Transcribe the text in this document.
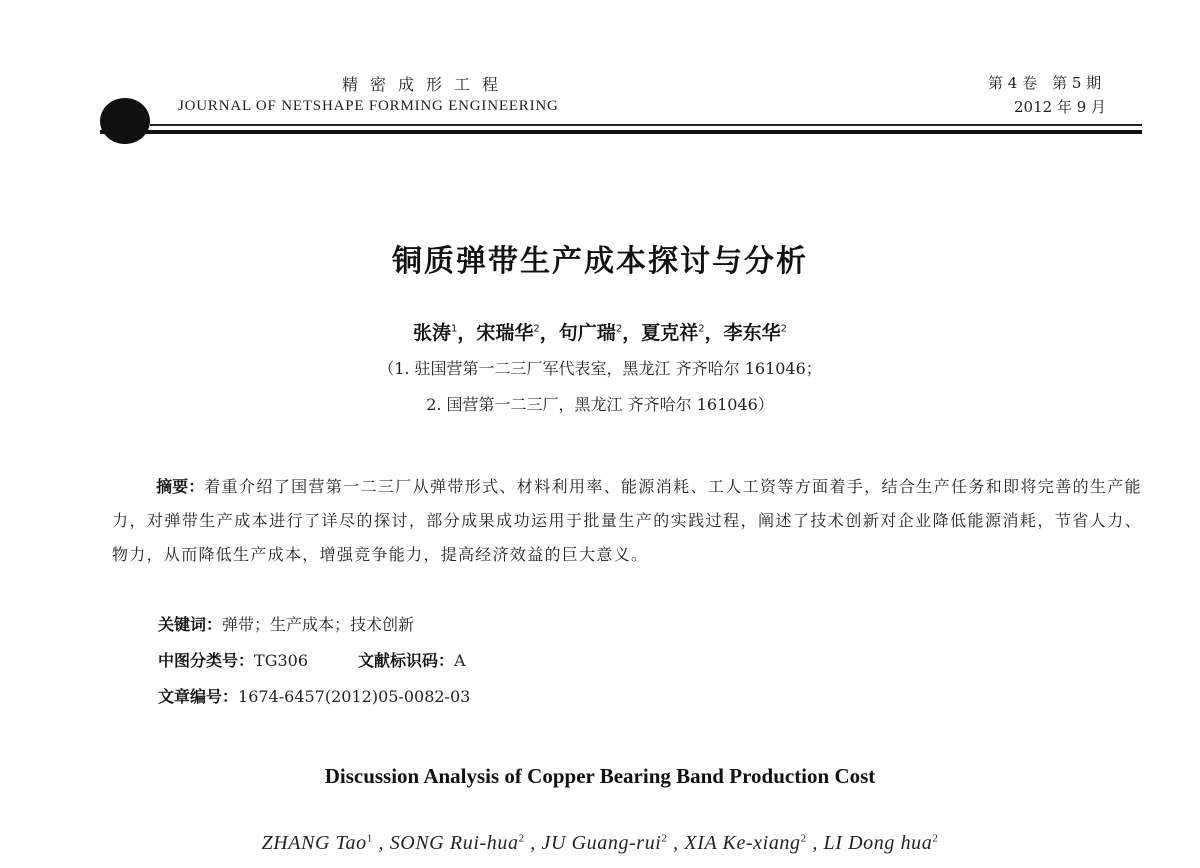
精密成形工程
JOURNAL OF NETSHAPE FORMING ENGINEERING
第 4 卷　第 5 期
2012 年 9 月
铜质弹带生产成本探讨与分析
张涛$^1$，宋瑞华$^2$，句广瑞$^2$，夏克祥$^2$，李东华$^2$
（1. 驻国营第一二三厂军代表室，黑龙江 齐齐哈尔 161046；
2. 国营第一二三厂，黑龙江 齐齐哈尔 161046）
摘要：着重介绍了国营第一二三厂从弹带形式、材料利用率、能源消耗、工人工资等方面着手，结合生产任务和即将完善的生产能力，对弹带生产成本进行了详尽的探讨，部分成果成功运用于批量生产的实践过程，阐述了技术创新对企业降低能源消耗，节省人力、物力，从而降低生产成本，增强竞争能力，提高经济效益的巨大意义。
关键词：弹带；生产成本；技术创新
中图分类号：TG306	文献标识码：A
文章编号：1674-6457(2012)05-0082-03
Discussion Analysis of Copper Bearing Band Production Cost
ZHANG Tao$^1$ , SONG Rui-hua$^2$ , JU Guang-rui$^2$ , XIA Ke-xiang$^2$ , LI Dong hua$^2$
